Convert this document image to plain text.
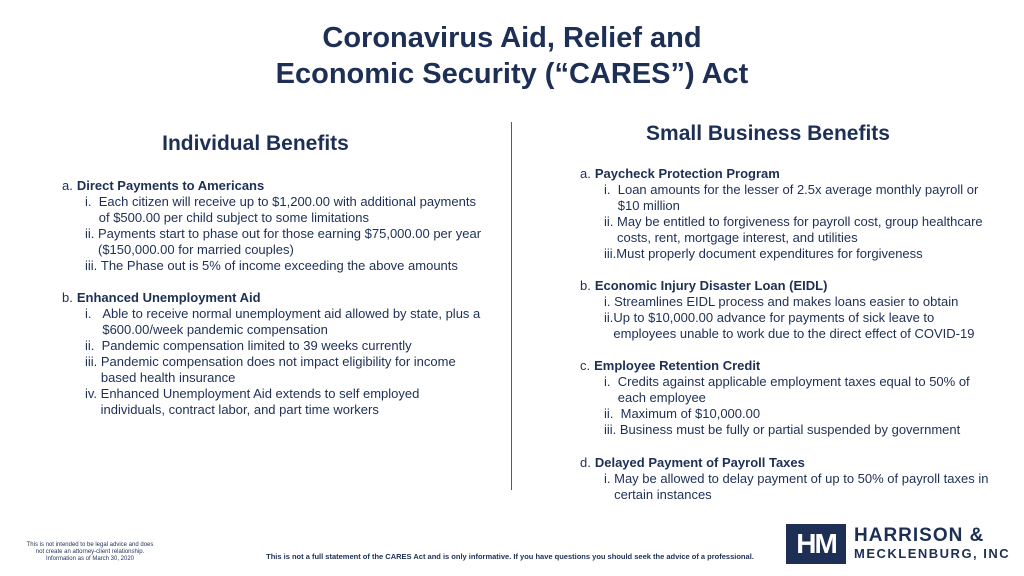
Coronavirus Aid, Relief and
Economic Security (“CARES”) Act
Individual Benefits
a. Direct Payments to Americans
i. Each citizen will receive up to $1,200.00 with additional payments of $500.00 per child subject to some limitations
ii. Payments start to phase out for those earning $75,000.00 per year ($150,000.00 for married couples)
iii. The Phase out is 5% of income exceeding the above amounts
b. Enhanced Unemployment Aid
i. Able to receive normal unemployment aid allowed by state, plus a $600.00/week pandemic compensation
ii. Pandemic compensation limited to 39 weeks currently
iii. Pandemic compensation does not impact eligibility for income based health insurance
iv. Enhanced Unemployment Aid extends to self employed individuals, contract labor, and part time workers
Small Business Benefits
a. Paycheck Protection Program
i. Loan amounts for the lesser of 2.5x average monthly payroll or $10 million
ii. May be entitled to forgiveness for payroll cost, group healthcare costs, rent, mortgage interest, and utilities
iii. Must properly document expenditures for forgiveness
b. Economic Injury Disaster Loan (EIDL)
i. Streamlines EIDL process and makes loans easier to obtain
ii. Up to $10,000.00 advance for payments of sick leave to employees unable to work due to the direct effect of COVID-19
c. Employee Retention Credit
i. Credits against applicable employment taxes equal to 50% of each employee
ii. Maximum of $10,000.00
iii. Business must be fully or partial suspended by government
d. Delayed Payment of Payroll Taxes
i. May be allowed to delay payment of up to 50% of payroll taxes in certain instances
This is not intended to be legal advice and does
not create an attorney-client relationship.
Information as of March 30, 2020	This is not a full statement of the CARES Act and is only informative. If you have questions you should seek the advice of a professional.	HM HARRISON &
MECKLENBURG, INC
